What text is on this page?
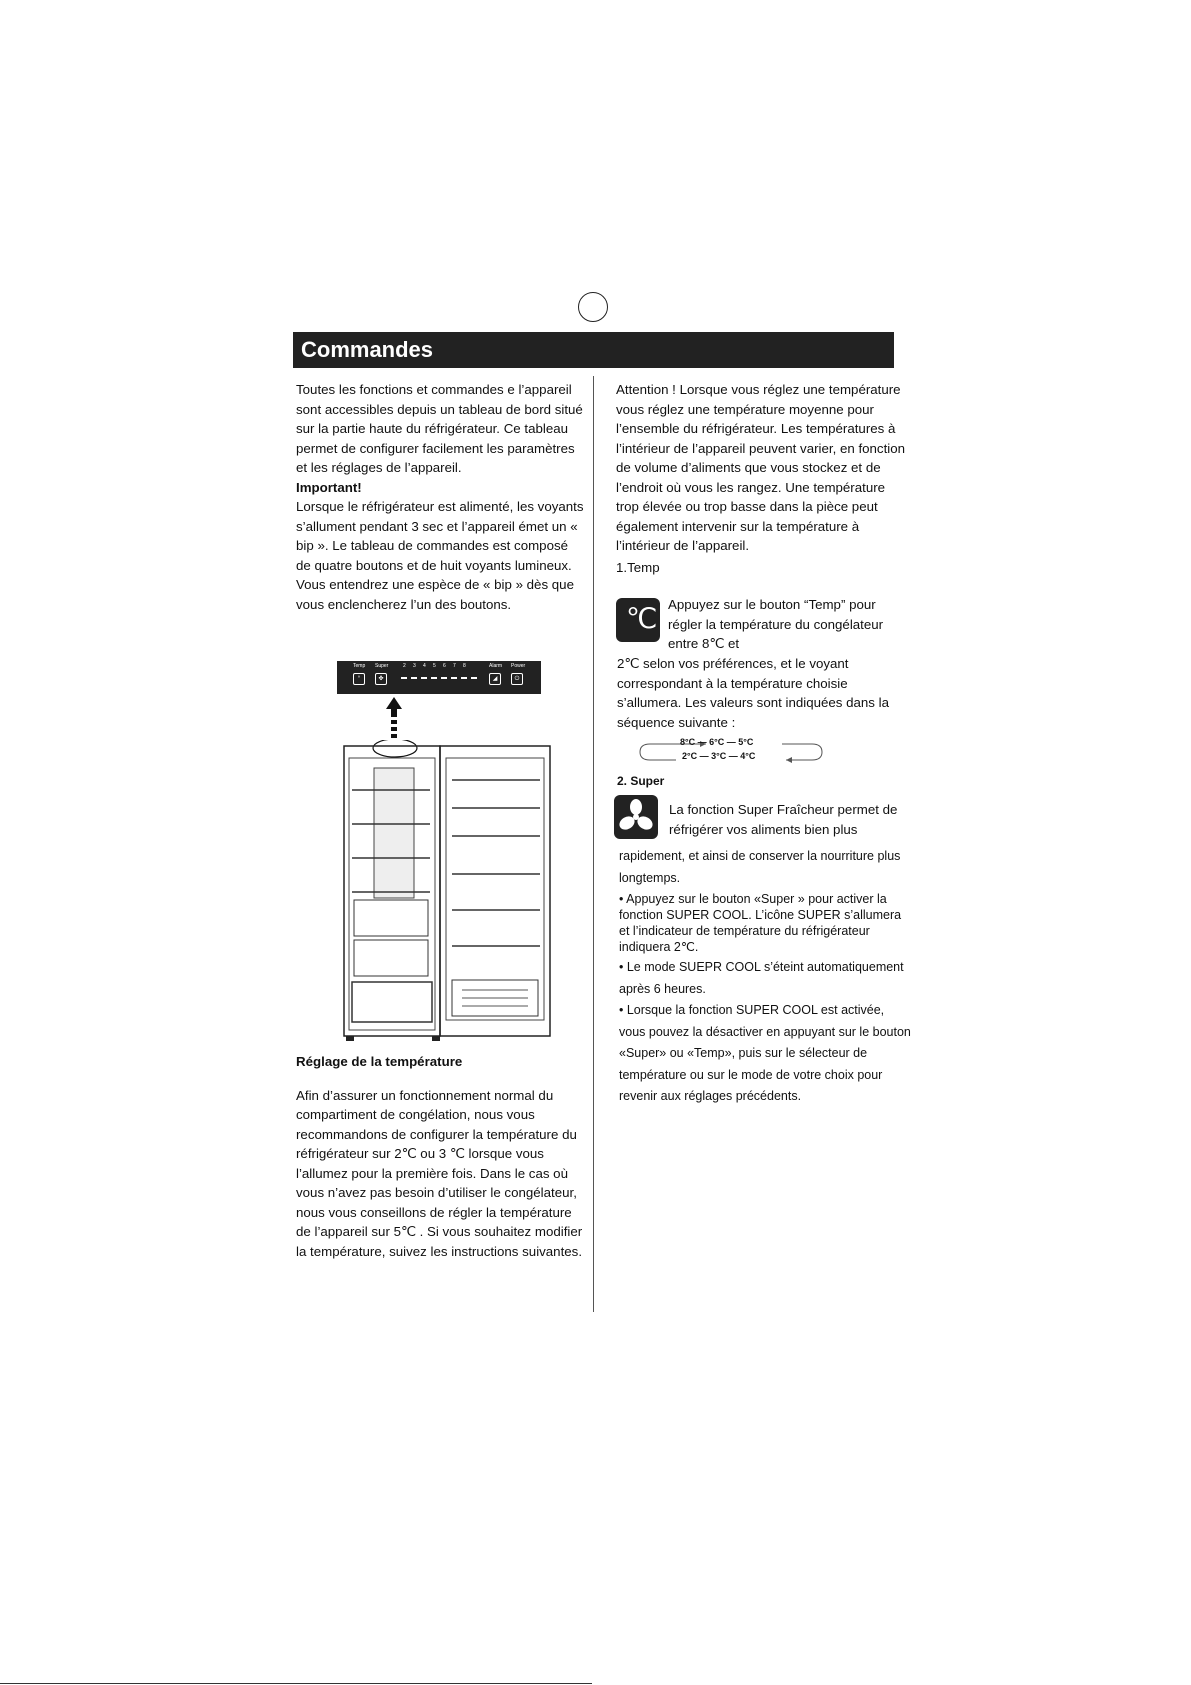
Commandes

Toutes les fonctions et commandes e l’appareil sont accessibles depuis un tableau de bord situé sur la partie haute du réfrigérateur. Ce tableau permet de configurer facilement les paramètres et les réglages de l’appareil.

Important!

Lorsque le réfrigérateur est alimenté, les voyants s’allument pendant 3 sec et l’appareil émet un « bip ». Le tableau de commandes est composé de quatre boutons et de huit voyants lumineux. Vous entendrez une espèce de « bip » dès que vous enclencherez l’un des boutons.

Temp Super	Alarm Power
°	✤	◢	⏻
2 3 4 5 6 7 8

Réglage de la température

Afin d’assurer un fonctionnement normal du compartiment de congélation, nous vous recommandons de configurer la température du réfrigérateur sur 2℃ ou 3 ℃ lorsque vous l’allumez pour la première fois. Dans le cas où vous n’avez pas besoin d’utiliser le congélateur, nous vous conseillons de régler la température de l’appareil sur 5℃ . Si vous souhaitez modifier la température, suivez les instructions suivantes.

Attention ! Lorsque vous réglez une température vous réglez une température moyenne pour l’ensemble du réfrigérateur. Les températures à l’intérieur de l’appareil peuvent varier, en fonction de volume d’aliments que vous stockez et de l’endroit où vous les rangez. Une température trop élevée ou trop basse dans la pièce peut également intervenir sur la température à l’intérieur de l’appareil.

1.Temp

℃ Appuyez sur le bouton “Temp” pour régler la température du congélateur entre 8℃ et
2℃ selon vos préférences, et le voyant correspondant à la température choisie s’allumera. Les valeurs sont indiquées dans la séquence suivante :
8°C — 6°C — 5°C
2°C — 3°C — 4°C
2. Super
La fonction Super Fraîcheur permet de réfrigérer vos aliments bien plus

rapidement, et ainsi de conserver la nourriture plus longtemps.

• Appuyez sur le bouton «Super » pour activer la fonction SUPER COOL. L’icône SUPER s’allumera et l’indicateur de température du réfrigérateur indiquera 2℃.

• Le mode SUEPR COOL s’éteint automatiquement après 6 heures.

• Lorsque la fonction SUPER COOL est activée, vous pouvez la désactiver en appuyant sur le bouton «Super» ou «Temp», puis sur le sélecteur de température ou sur le mode de votre choix pour revenir aux réglages précédents.
